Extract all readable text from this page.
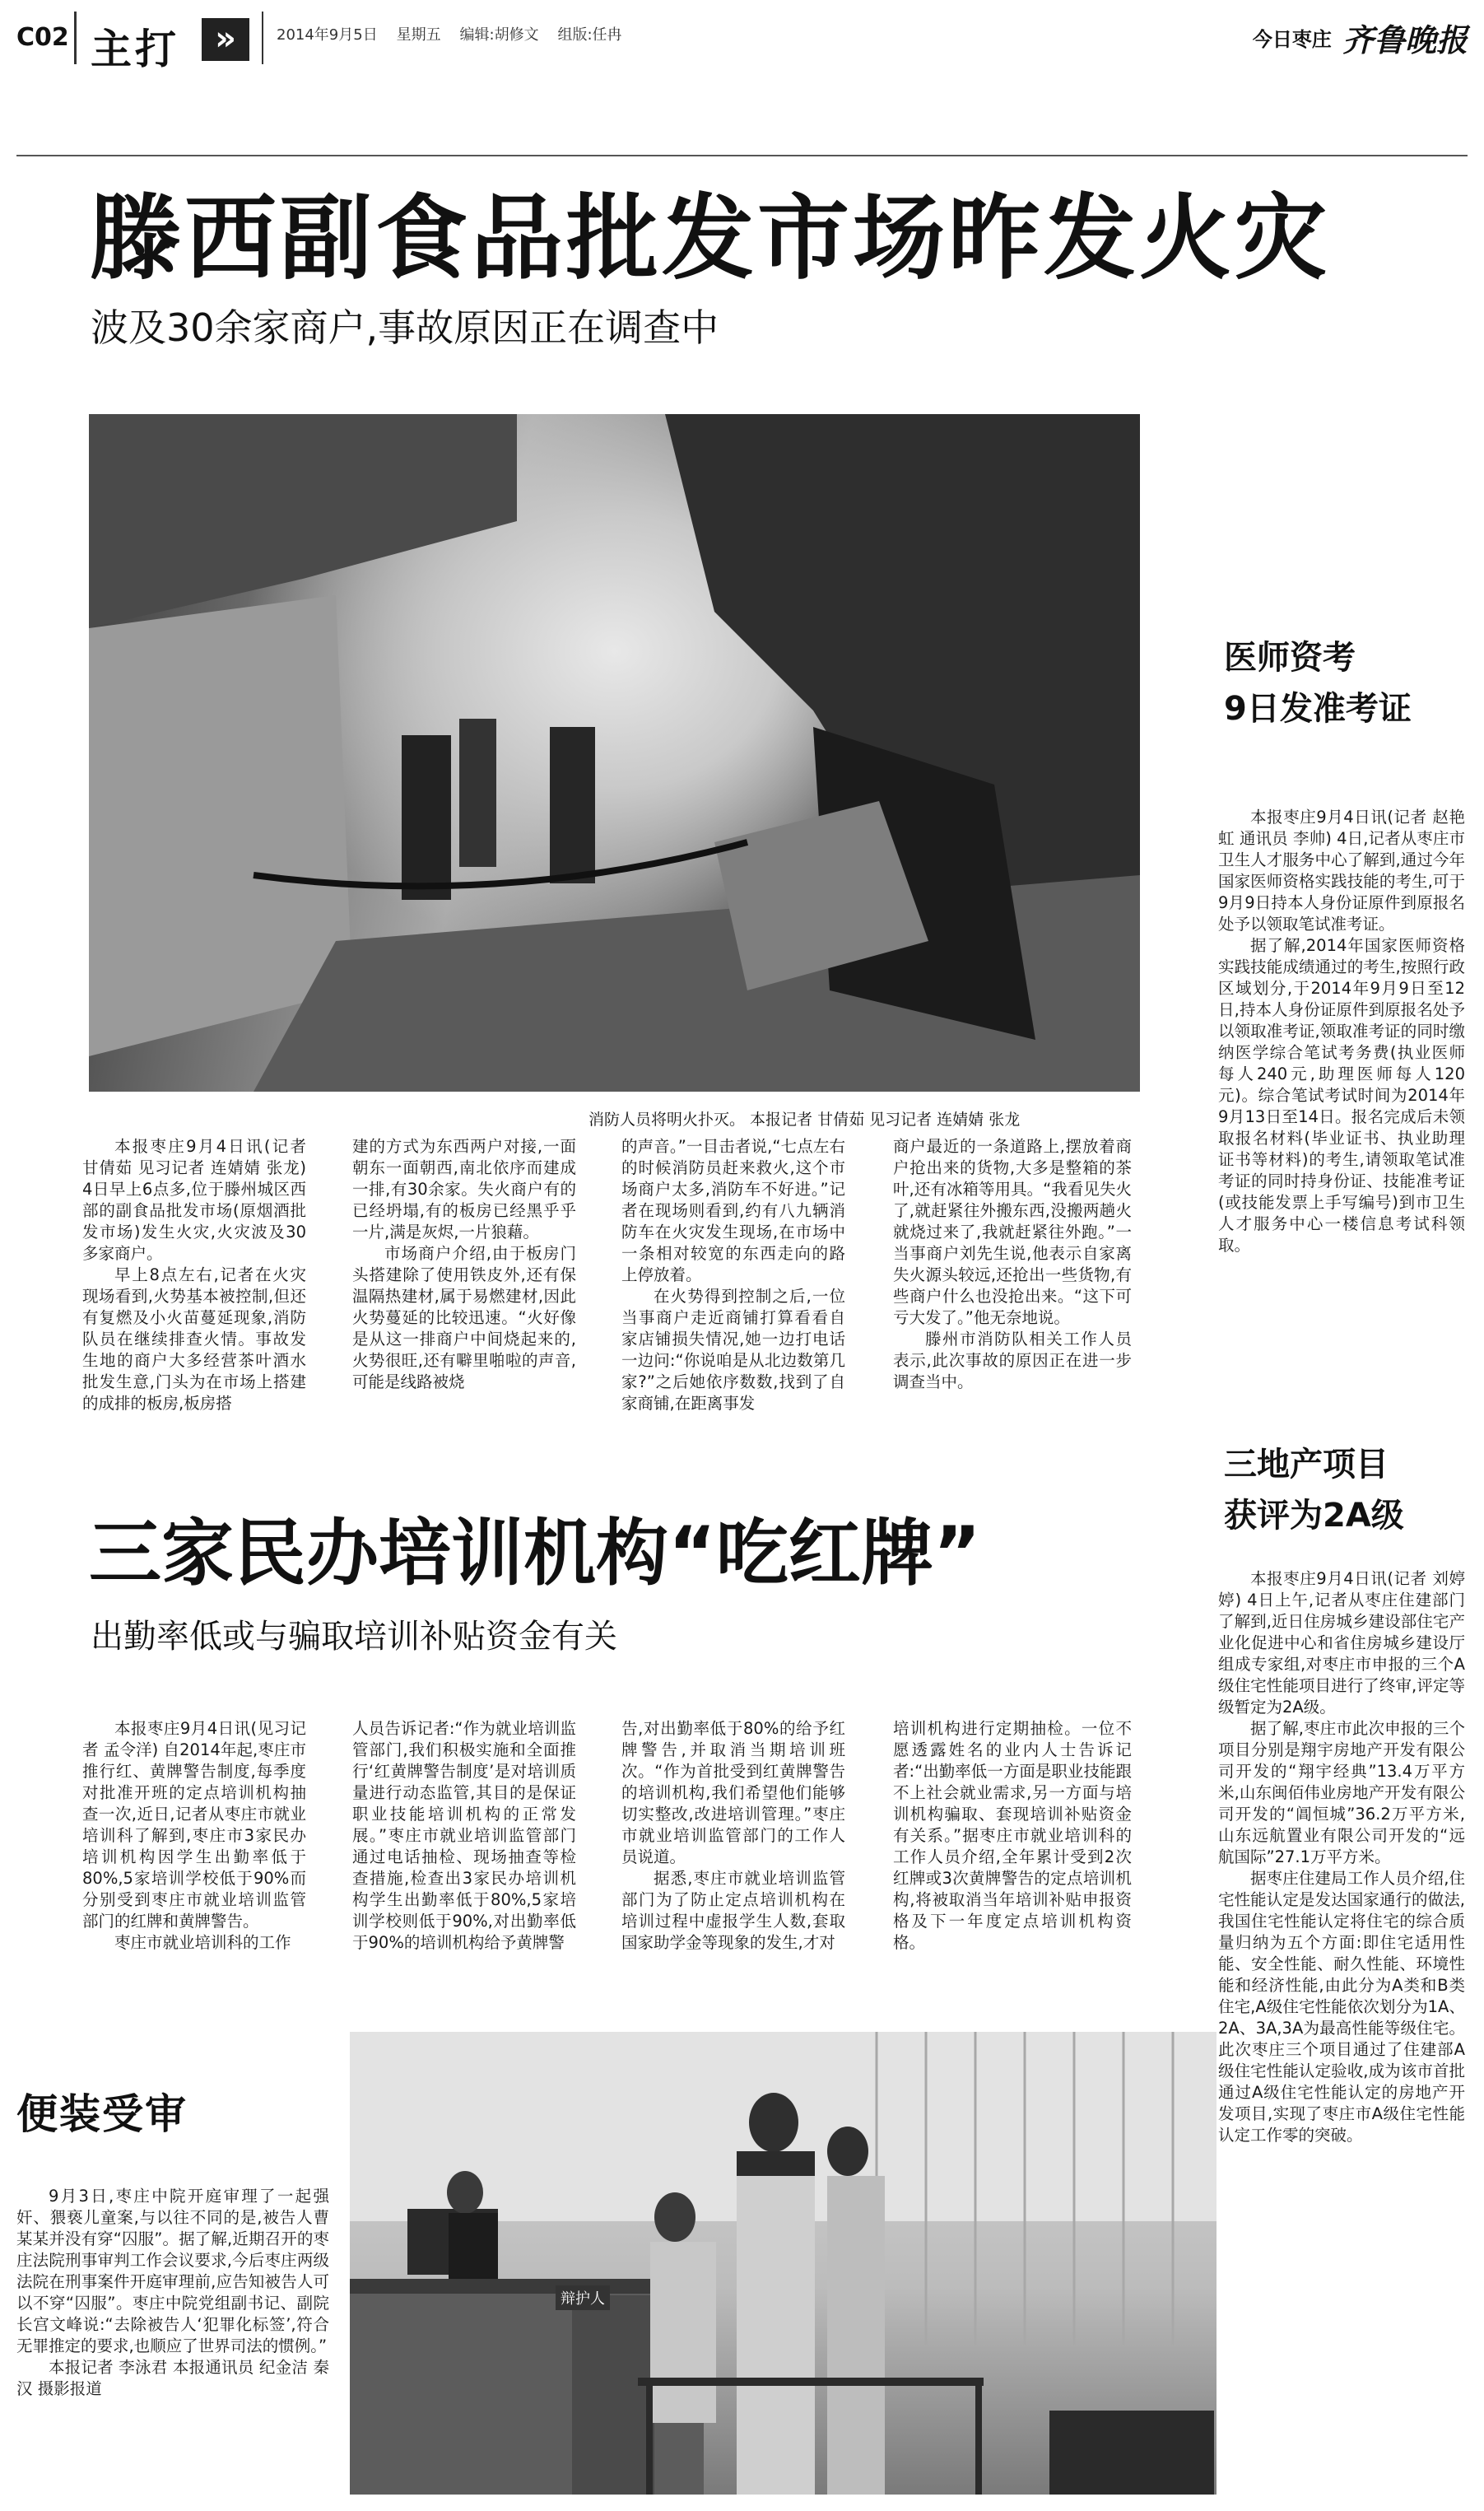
C02 主打	»	2014年9月5日 星期五 编辑:胡修文 组版:任冉	今日枣庄 齐鲁晚报
滕西副食品批发市场昨发火灾
波及30余家商户,事故原因正在调查中
消防人员将明火扑灭。 本报记者 甘倩茹 见习记者 连婧婧 张龙

本报枣庄9月4日讯(记者 甘倩茹 见习记者 连婧婧 张龙) 4日早上6点多,位于滕州城区西部的副食品批发市场(原烟酒批发市场)发生火灾,火灾波及30多家商户。

早上8点左右,记者在火灾现场看到,火势基本被控制,但还有复燃及小火苗蔓延现象,消防队员在继续排查火情。事故发生地的商户大多经营茶叶酒水批发生意,门头为在市场上搭建的成排的板房,板房搭

建的方式为东西两户对接,一面朝东一面朝西,南北依序而建成一排,有30余家。失火商户有的已经坍塌,有的板房已经黑乎乎一片,满是灰烬,一片狼藉。

市场商户介绍,由于板房门头搭建除了使用铁皮外,还有保温隔热建材,属于易燃建材,因此火势蔓延的比较迅速。“火好像是从这一排商户中间烧起来的,火势很旺,还有噼里啪啦的声音,可能是线路被烧

的声音。”一目击者说,“七点左右的时候消防员赶来救火,这个市场商户太多,消防车不好进。”记者在现场则看到,约有八九辆消防车在火灾发生现场,在市场中一条相对较宽的东西走向的路上停放着。

在火势得到控制之后,一位当事商户走近商铺打算看看自家店铺损失情况,她一边打电话一边问:“你说咱是从北边数第几家?”之后她依序数数,找到了自家商铺,在距离事发

商户最近的一条道路上,摆放着商户抢出来的货物,大多是整箱的茶叶,还有冰箱等用具。“我看见失火了,就赶紧往外搬东西,没搬两趟火就烧过来了,我就赶紧往外跑。”一当事商户刘先生说,他表示自家离失火源头较远,还抢出一些货物,有些商户什么也没抢出来。“这下可亏大发了。”他无奈地说。

滕州市消防队相关工作人员表示,此次事故的原因正在进一步调查当中。

三家民办培训机构“吃红牌”
出勤率低或与骗取培训补贴资金有关

本报枣庄9月4日讯(见习记者 孟令洋) 自2014年起,枣庄市推行红、黄牌警告制度,每季度对批准开班的定点培训机构抽查一次,近日,记者从枣庄市就业培训科了解到,枣庄市3家民办培训机构因学生出勤率低于80%,5家培训学校低于90%而分别受到枣庄市就业培训监管部门的红牌和黄牌警告。

枣庄市就业培训科的工作

人员告诉记者:“作为就业培训监管部门,我们积极实施和全面推行‘红黄牌警告制度’是对培训质量进行动态监管,其目的是保证职业技能培训机构的正常发展。”枣庄市就业培训监管部门通过电话抽检、现场抽查等检查措施,检查出3家民办培训机构学生出勤率低于80%,5家培训学校则低于90%,对出勤率低于90%的培训机构给予黄牌警

告,对出勤率低于80%的给予红牌警告,并取消当期培训班次。“作为首批受到红黄牌警告的培训机构,我们希望他们能够切实整改,改进培训管理。”枣庄市就业培训监管部门的工作人员说道。

据悉,枣庄市就业培训监管部门为了防止定点培训机构在培训过程中虚报学生人数,套取国家助学金等现象的发生,才对

培训机构进行定期抽检。一位不愿透露姓名的业内人士告诉记者:“出勤率低一方面是职业技能跟不上社会就业需求,另一方面与培训机构骗取、套现培训补贴资金有关系。”据枣庄市就业培训科的工作人员介绍,全年累计受到2次红牌或3次黄牌警告的定点培训机构,将被取消当年培训补贴申报资格及下一年度定点培训机构资格。

医师资考
9日发准考证

本报枣庄9月4日讯(记者 赵艳虹 通讯员 李帅) 4日,记者从枣庄市卫生人才服务中心了解到,通过今年国家医师资格实践技能的考生,可于9月9日持本人身份证原件到原报名处予以领取笔试准考证。

据了解,2014年国家医师资格实践技能成绩通过的考生,按照行政区域划分,于2014年9月9日至12日,持本人身份证原件到原报名处予以领取准考证,领取准考证的同时缴纳医学综合笔试考务费(执业医师每人240元,助理医师每人120元)。综合笔试考试时间为2014年9月13日至14日。报名完成后未领取报名材料(毕业证书、执业助理证书等材料)的考生,请领取笔试准考证的同时持身份证、技能准考证(或技能发票上手写编号)到市卫生人才服务中心一楼信息考试科领取。

三地产项目
获评为2A级

本报枣庄9月4日讯(记者 刘婷婷) 4日上午,记者从枣庄住建部门了解到,近日住房城乡建设部住宅产业化促进中心和省住房城乡建设厅组成专家组,对枣庄市申报的三个A级住宅性能项目进行了终审,评定等级暂定为2A级。

据了解,枣庄市此次申报的三个项目分别是翔宇房地产开发有限公司开发的“翔宇经典”13.4万平方米,山东闽佰伟业房地产开发有限公司开发的“阊恒城”36.2万平方米,山东远航置业有限公司开发的“远航国际”27.1万平方米。

据枣庄住建局工作人员介绍,住宅性能认定是发达国家通行的做法,我国住宅性能认定将住宅的综合质量归纳为五个方面:即住宅适用性能、安全性能、耐久性能、环境性能和经济性能,由此分为A类和B类住宅,A级住宅性能依次划分为1A、2A、3A,3A为最高性能等级住宅。此次枣庄三个项目通过了住建部A级住宅性能认定验收,成为该市首批通过A级住宅性能认定的房地产开发项目,实现了枣庄市A级住宅性能认定工作零的突破。

便装受审

9月3日,枣庄中院开庭审理了一起强奸、猥亵儿童案,与以往不同的是,被告人曹某某并没有穿“囚服”。据了解,近期召开的枣庄法院刑事审判工作会议要求,今后枣庄两级法院在刑事案件开庭审理前,应告知被告人可以不穿“囚服”。枣庄中院党组副书记、副院长宫文峰说:“去除被告人‘犯罪化标签’,符合无罪推定的要求,也顺应了世界司法的惯例。”

本报记者 李泳君 本报通讯员 纪金洁 秦汉 摄影报道

辩护人
